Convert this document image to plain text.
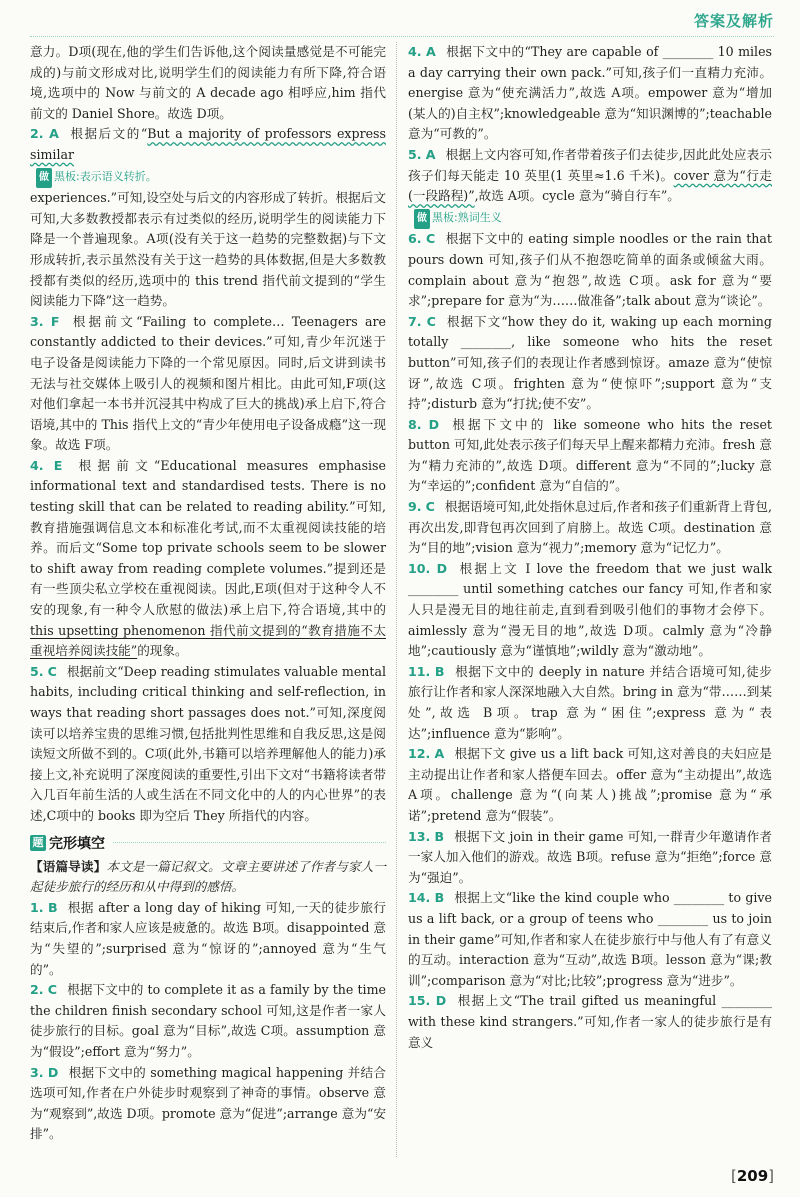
答案及解析

意力。D项(现在,他的学生们告诉他,这个阅读量感觉是不可能完成的)与前文形成对比,说明学生们的阅读能力有所下降,符合语境,选项中的 Now 与前文的 A decade ago 相呼应,him 指代前文的 Daniel Shore。故选 D项。

2. A 根据后文的“But a majority of professors express similar
做 黑板:表示语义转折。
experiences.”可知,设空处与后文的内容形成了转折。根据后文可知,大多数教授都表示有过类似的经历,说明学生的阅读能力下降是一个普遍现象。A项(没有关于这一趋势的完整数据)与下文形成转折,表示虽然没有关于这一趋势的具体数据,但是大多数教授都有类似的经历,选项中的 this trend 指代前文提到的“学生阅读能力下降”这一趋势。
3. F 根据前文“Failing to complete… Teenagers are constantly addicted to their devices.”可知,青少年沉迷于电子设备是阅读能力下降的一个常见原因。同时,后文讲到读书无法与社交媒体上吸引人的视频和图片相比。由此可知,F项(这对他们拿起一本书并沉浸其中构成了巨大的挑战)承上启下,符合语境,其中的 This 指代上文的“青少年使用电子设备成瘾”这一现象。故选 F项。
4. E 根据前文“Educational measures emphasise informational text and standardised tests. There is no testing skill that can be related to reading ability.”可知,教育措施强调信息文本和标准化考试,而不太重视阅读技能的培养。而后文“Some top private schools seem to be slower to shift away from reading complete volumes.”提到还是有一些顶尖私立学校在重视阅读。因此,E项(但对于这种令人不安的现象,有一种令人欣慰的做法)承上启下,符合语境,其中的 this upsetting phenomenon 指代前文提到的“教育措施不太重视培养阅读技能”的现象。
5. C 根据前文“Deep reading stimulates valuable mental habits, including critical thinking and self-reflection, in ways that reading short passages does not.”可知,深度阅读可以培养宝贵的思维习惯,包括批判性思维和自我反思,这是阅读短文所做不到的。C项(此外,书籍可以培养理解他人的能力)承接上文,补充说明了深度阅读的重要性,引出下文对“书籍将读者带入几百年前生活的人或生活在不同文化中的人的内心世界”的表述,C项中的 books 即为空后 They 所指代的内容。
题 完形填空
【语篇导读】本文是一篇记叙文。文章主要讲述了作者与家人一起徒步旅行的经历和从中得到的感悟。
1. B 根据 after a long day of hiking 可知,一天的徒步旅行结束后,作者和家人应该是疲惫的。故选 B项。disappointed 意为“失望的”;surprised 意为“惊讶的”;annoyed 意为“生气的”。
2. C 根据下文中的 to complete it as a family by the time the children finish secondary school 可知,这是作者一家人徒步旅行的目标。goal 意为“目标”,故选 C项。assumption 意为“假设”;effort 意为“努力”。
3. D 根据下文中的 something magical happening 并结合选项可知,作者在户外徒步时观察到了神奇的事情。observe 意为“观察到”,故选 D项。promote 意为“促进”;arrange 意为“安排”。
4. A 根据下文中的“They are capable of ________ 10 miles a day carrying their own pack.”可知,孩子们一直精力充沛。energise 意为“使充满活力”,故选 A项。empower 意为“增加(某人的)自主权”;knowledgeable 意为“知识渊博的”;teachable 意为“可教的”。
5. A 根据上文内容可知,作者带着孩子们去徒步,因此此处应表示孩子们每天能走 10 英里(1 英里≈1.6 千米)。cover 意为“行走(一段路程)”,故选 A项。cycle 意为“骑自行车”。
做 黑板:熟词生义
6. C 根据下文中的 eating simple noodles or the rain that pours down 可知,孩子们从不抱怨吃简单的面条或倾盆大雨。complain about 意为“抱怨”,故选 C项。ask for 意为“要求”;prepare for 意为“为……做准备”;talk about 意为“谈论”。
7. C 根据下文“how they do it, waking up each morning totally ________, like someone who hits the reset button”可知,孩子们的表现让作者感到惊讶。amaze 意为“使惊讶”,故选 C项。frighten 意为“使惊吓”;support 意为“支持”;disturb 意为“打扰;使不安”。
8. D 根据下文中的 like someone who hits the reset button 可知,此处表示孩子们每天早上醒来都精力充沛。fresh 意为“精力充沛的”,故选 D项。different 意为“不同的”;lucky 意为“幸运的”;confident 意为“自信的”。
9. C 根据语境可知,此处指休息过后,作者和孩子们重新背上背包,再次出发,即背包再次回到了肩膀上。故选 C项。destination 意为“目的地”;vision 意为“视力”;memory 意为“记忆力”。
10. D 根据上文 I love the freedom that we just walk ________ until something catches our fancy 可知,作者和家人只是漫无目的地往前走,直到看到吸引他们的事物才会停下。aimlessly 意为“漫无目的地”,故选 D项。calmly 意为“冷静地”;cautiously 意为“谨慎地”;wildly 意为“激动地”。
11. B 根据下文中的 deeply in nature 并结合语境可知,徒步旅行让作者和家人深深地融入大自然。bring in 意为“带……到某处”,故选 B项。trap 意为“困住”;express 意为“表达”;influence 意为“影响”。
12. A 根据下文 give us a lift back 可知,这对善良的夫妇应是主动提出让作者和家人搭便车回去。offer 意为“主动提出”,故选 A项。challenge 意为“(向某人)挑战”;promise 意为“承诺”;pretend 意为“假装”。
13. B 根据下文 join in their game 可知,一群青少年邀请作者一家人加入他们的游戏。故选 B项。refuse 意为“拒绝”;force 意为“强迫”。
14. B 根据上文“like the kind couple who ________ to give us a lift back, or a group of teens who ________ us to join in their game”可知,作者和家人在徒步旅行中与他人有了有意义的互动。interaction 意为“互动”,故选 B项。lesson 意为“课;教训”;comparison 意为“对比;比较”;progress 意为“进步”。
15. D 根据上文“The trail gifted us meaningful ________ with these kind strangers.”可知,作者一家人的徒步旅行是有意义
[209]
